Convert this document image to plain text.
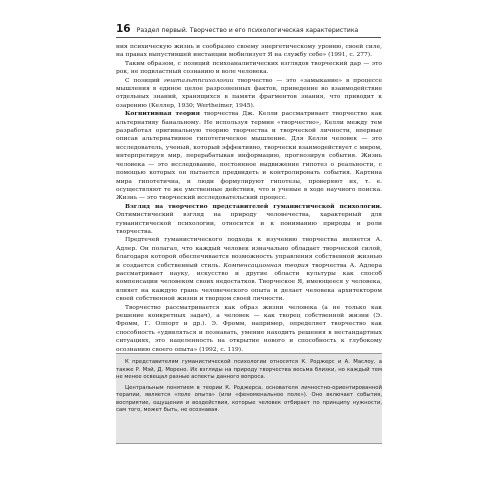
16 Раздел первый. Творчество и его психологическая характеристика

ния психическую жизнь и сообразно своему энергетическому уровню, своей силе, на правах выпустившей инстанции мобилизует Я на службу себе» (1991, с. 277).

Таким образом, с позиций психоаналитических взглядов творческий дар — это рок, не подвластный сознанию и воле человека.

С позиций гештальтпсихологии творчество — это «замыкание» в процессе мышления в единое целое разрозненных фактов, приведение во взаимодействие отдельных знаний, хранящихся в памяти фрагментов знания, что приводит к озарению (Келлер, 1930; Wertheimer, 1945).

Когнитивная теория творчества Дж. Келли рассматривает творчество как альтернативу банальному. Не используя термин «творчество», Келли между тем разработал оригинальную теорию творчества и творческой личности, впервые описав альтернативное гипотетическое мышление. Для Келли человек — это исследователь, ученый, который эффективно, творчески взаимодействует с миром, интерпретируя мир, перерабатывая информацию, прогнозируя события. Жизнь человека — это исследование, постоянное выдвижение гипотез о реальности, с помощью которых он пытается предвидеть и контролировать события. Картина мира гипотетична, и люди формулируют гипотезы, проверяют их, т. е. осуществляют те же умственные действия, что и ученые в ходе научного поиска. Жизнь — это творческий исследовательский процесс.

Взгляд на творчество представителей гуманистической психологии. Оптимистический взгляд на природу человечества, характерный для гуманистической психологии, относится и к пониманию природы и роли творчества.

Предтечей гуманистического подхода к изучению творчества является А. Адлер. Он полагал, что каждый человек изначально обладает творческой силой, благодаря которой обеспечивается возможность управления собственной жизнью и создается собственный стиль. Компенсационная теория творчества А. Адлера рассматривает науку, искусство и другие области культуры как способ компенсации человеком своих недостатков. Творческое Я, имеющееся у человека, влияет на каждую грань человеческого опыта и делает человека архитектором своей собственной жизни и творцом своей личности.

Творчество рассматривается как образ жизни человека (а не только как решение конкретных задач), а человек — как творец собственной жизни (Э. Фромм, Г. Олпорт и др.). Э. Фромм, например, определяет творчество как способность «удивляться и познавать, умение находить решения в нестандартных ситуациях, это нацеленность на открытие нового и способность к глубокому осознанию своего опыта» (1992, с. 119).

К представителям гуманистической психологии относятся К. Роджерс и А. Маслоу, а также Р. Мэй, Д. Морено. Их взгляды на природу творчества весьма близки, но каждый тем не менее освещал разные аспекты данного вопроса.

Центральным понятием в теории К. Роджерса, основателя личностно-ориентированной терапии, является «поле опыта» (или «феноменальное поле»). Оно включает события, восприятие, ощущения и воздействия, которые человек отбирает по принципу нужности, сам того, может быть, не осознавая.
